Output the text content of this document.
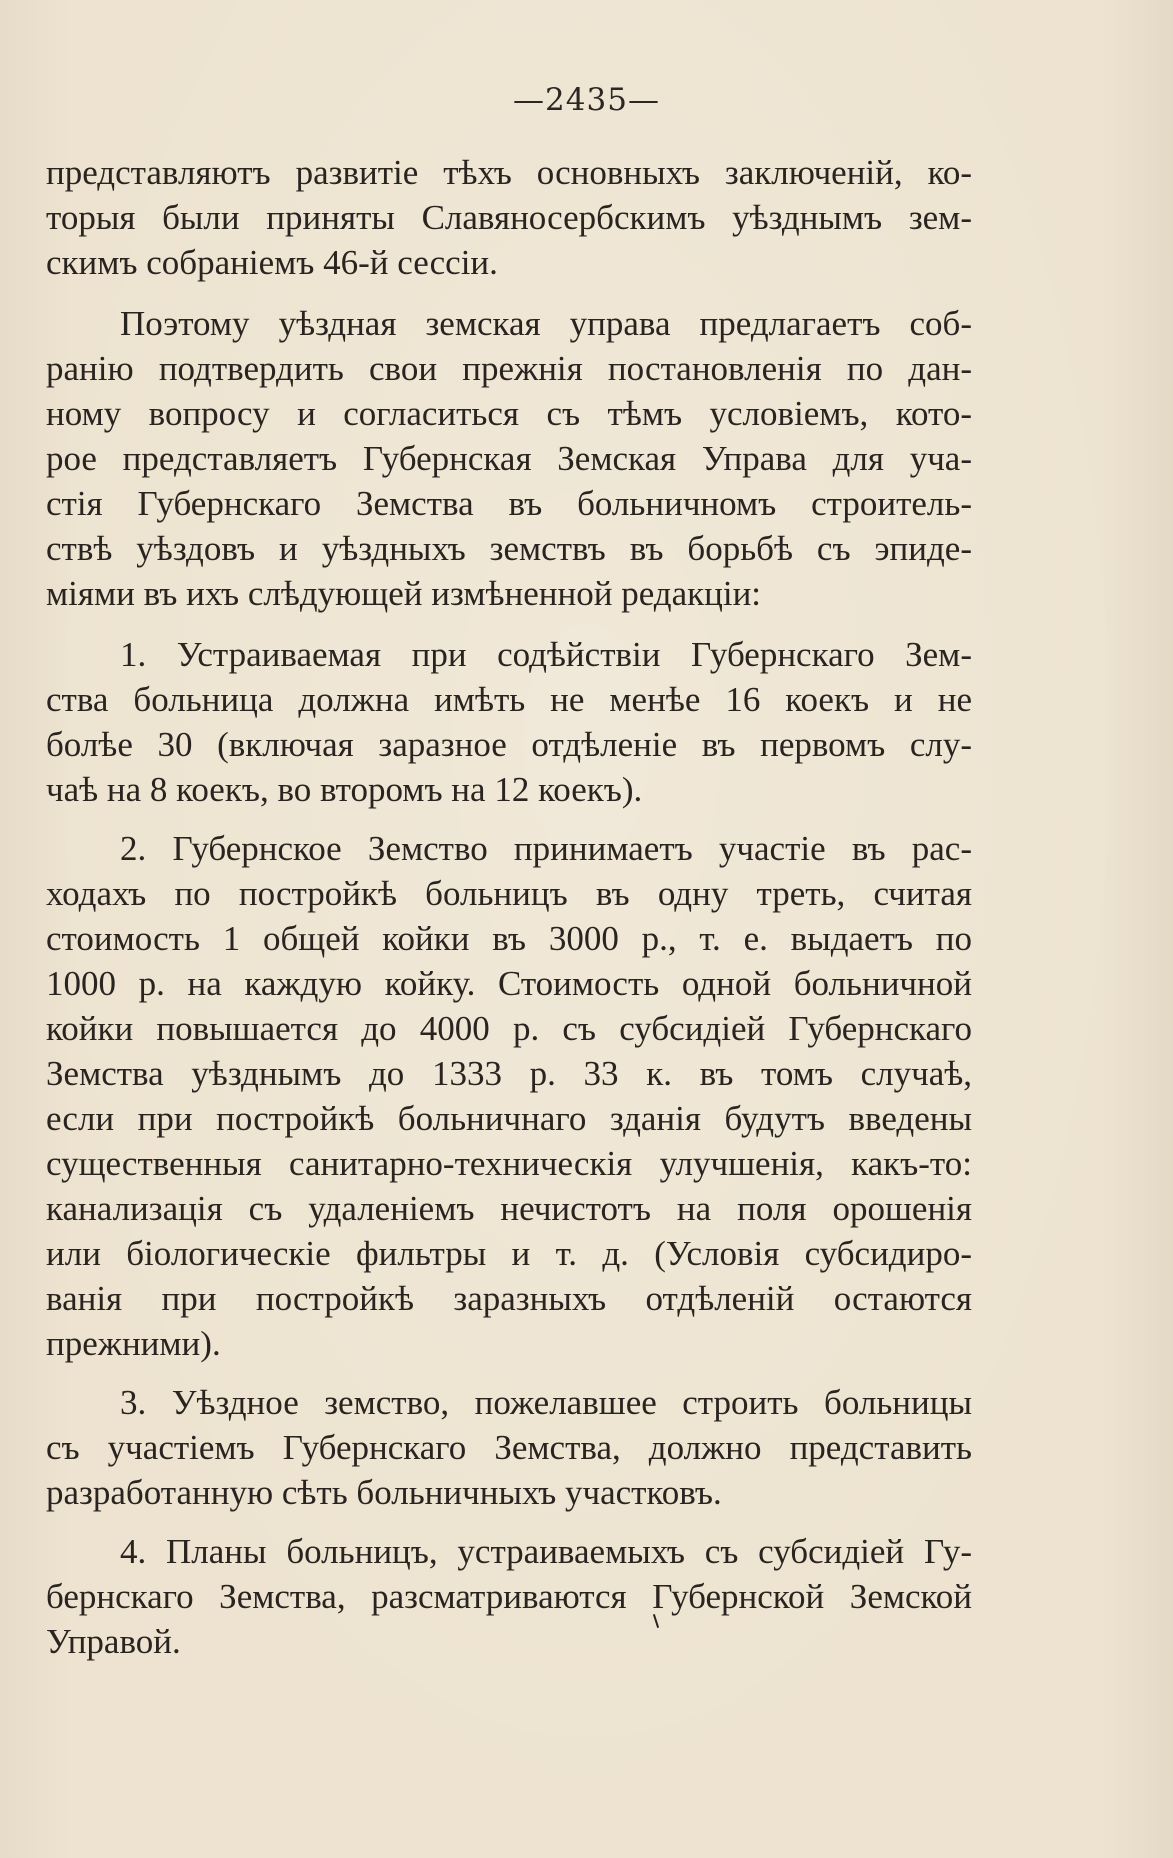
—2435—
представляютъ развитіе тѣхъ основныхъ заключеній, ко-
торыя были приняты Славяносербскимъ уѣзднымъ зем-
скимъ собраніемъ 46-й сессіи.
Поэтому уѣздная земская управа предлагаетъ соб-
ранію подтвердить свои прежнія постановленія по дан-
ному вопросу и согласиться съ тѣмъ условіемъ, кото-
рое представляетъ Губернская Земская Управа для уча-
стія Губернскаго Земства въ больничномъ строитель-
ствѣ уѣздовъ и уѣздныхъ земствъ въ борьбѣ съ эпиде-
міями въ ихъ слѣдующей измѣненной редакціи:
1. Устраиваемая при содѣйствіи Губернскаго Зем-
ства больница должна имѣть не менѣе 16 коекъ и не
болѣе 30 (включая заразное отдѣленіе въ первомъ слу-
чаѣ на 8 коекъ, во второмъ на 12 коекъ).
2. Губернское Земство принимаетъ участіе въ рас-
ходахъ по постройкѣ больницъ въ одну треть, считая
стоимость 1 общей койки въ 3000 р., т. е. выдаетъ по
1000 р. на каждую койку. Стоимость одной больничной
койки повышается до 4000 р. съ субсидіей Губернскаго
Земства уѣзднымъ до 1333 р. 33 к. въ томъ случаѣ,
если при постройкѣ больничнаго зданія будутъ введены
существенныя санитарно-техническія улучшенія, какъ-то:
канализація съ удаленіемъ нечистотъ на поля орошенія
или біологическіе фильтры и т. д. (Условія субсидиро-
ванія при постройкѣ заразныхъ отдѣленій остаются
прежними).
3. Уѣздное земство, пожелавшее строить больницы
съ участіемъ Губернскаго Земства, должно представить
разработанную сѣть больничныхъ участковъ.
4. Планы больницъ, устраиваемыхъ съ субсидіей Гу-
бернскаго Земства, разсматриваются Губернской Земской
Управой.
